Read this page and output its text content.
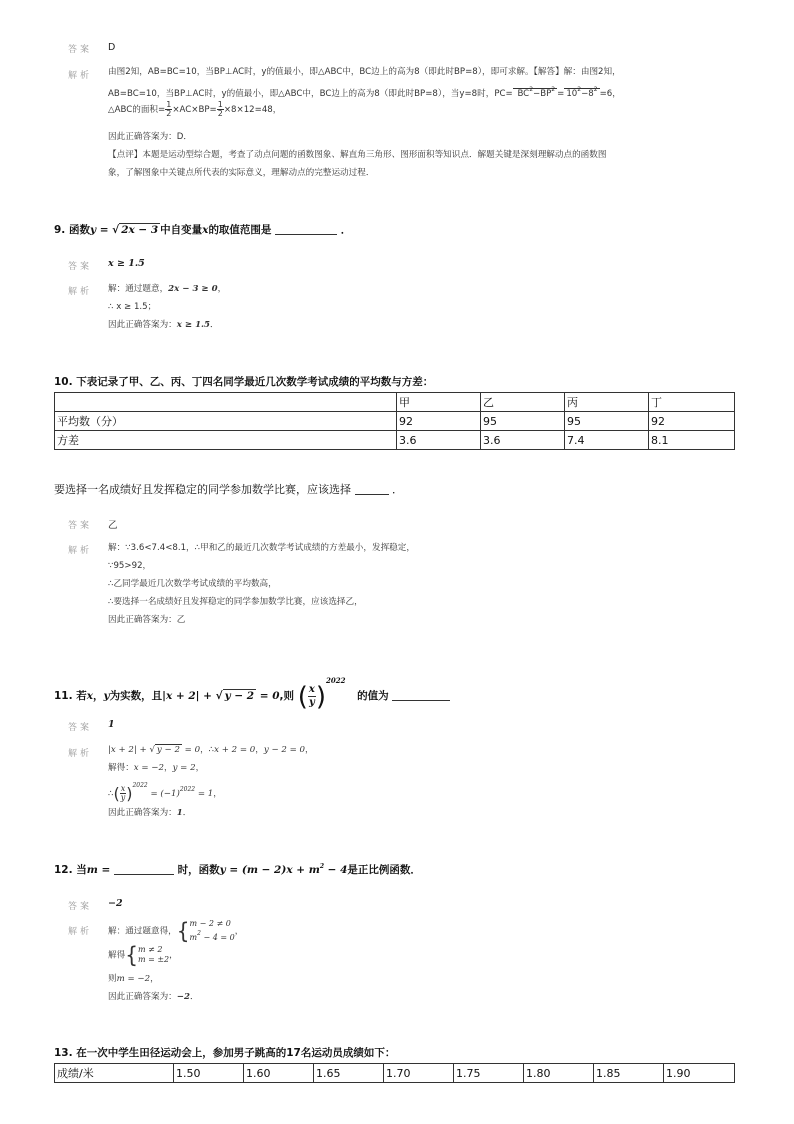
答案 D
解析 由图2知，AB=BC=10，当BP⊥AC时，y的值最小，即△ABC中，BC边上的高为8（即此时BP=8），即可求解。【解答】解：由图2知，
AB=BC=10，当BP⊥AC时，y的值最小，即△ABC中，BC边上的高为8（即此时BP=8），当y=8时，$PC= BC^2-BP^2 = 10^2-8^2 =6$，
△ABC的面积= $\frac{1}{2} \times AC\times BP= \frac{1}{2} \times 8\times 12=48$，
因此正确答案为：D．
【点评】本题是运动型综合题，考查了动点问题的函数图象、解直角三角形、图形面积等知识点．解题关键是深刻理解动点的函数图
象，了解图象中关键点所代表的实际意义，理解动点的完整运动过程．
9. 函数y = √ 2x − 3 中自变量x的取值范围是	．
答案 x ≥ 1.5
解析 解：通过题意，2x − 3 ≥ 0，
∴ x ≥ 1.5；
因此正确答案为：x ≥ 1.5．
10. 下表记录了甲、乙、丙、丁四名同学最近几次数学考试成绩的平均数与方差：
	甲	乙	丙	丁
平均数（分）	92	95	95	92
方差	3.6	3.6	7.4	8.1
要选择一名成绩好且发挥稳定的同学参加数学比赛，应该选择	．
答案 乙
解析 解：∵3.6<7.4<8.1，∴甲和乙的最近几次数学考试成绩的方差最小，发挥稳定，
∵95>92，
∴乙同学最近几次数学考试成绩的平均数高，
∴要选择一名成绩好且发挥稳定的同学参加数学比赛，应该选择乙，
因此正确答案为：乙
11. 若x，y为实数，且|x + 2| + √ y − 2 = 0,则 ( $\frac{x}{y} )^{2022}$ 的值为
答案 1
解析 |x + 2| + √ y − 2 = 0，∴x + 2 = 0，y − 2 = 0，
解得：x = −2，y = 2，
∴( $\frac{x}{y} )^{2022} = (-1)^{2022} = 1$，
因此正确答案为：1．
12. 当m =	时，函数$y = (m - 2)x + m^2 - 4$是正比例函数．
答案 −2
解析 解：通过题意得，{ m − 2 ≠ 0
$m^2 - 4 = 0$
，
解得{ m ≠ 2
m = ±2 ，
则m = −2，
因此正确答案为：−2．
13. 在一次中学生田径运动会上，参加男子跳高的17名运动员成绩如下：
成绩/米	1.50	1.60	1.65	1.70	1.75	1.80	1.85	1.90
